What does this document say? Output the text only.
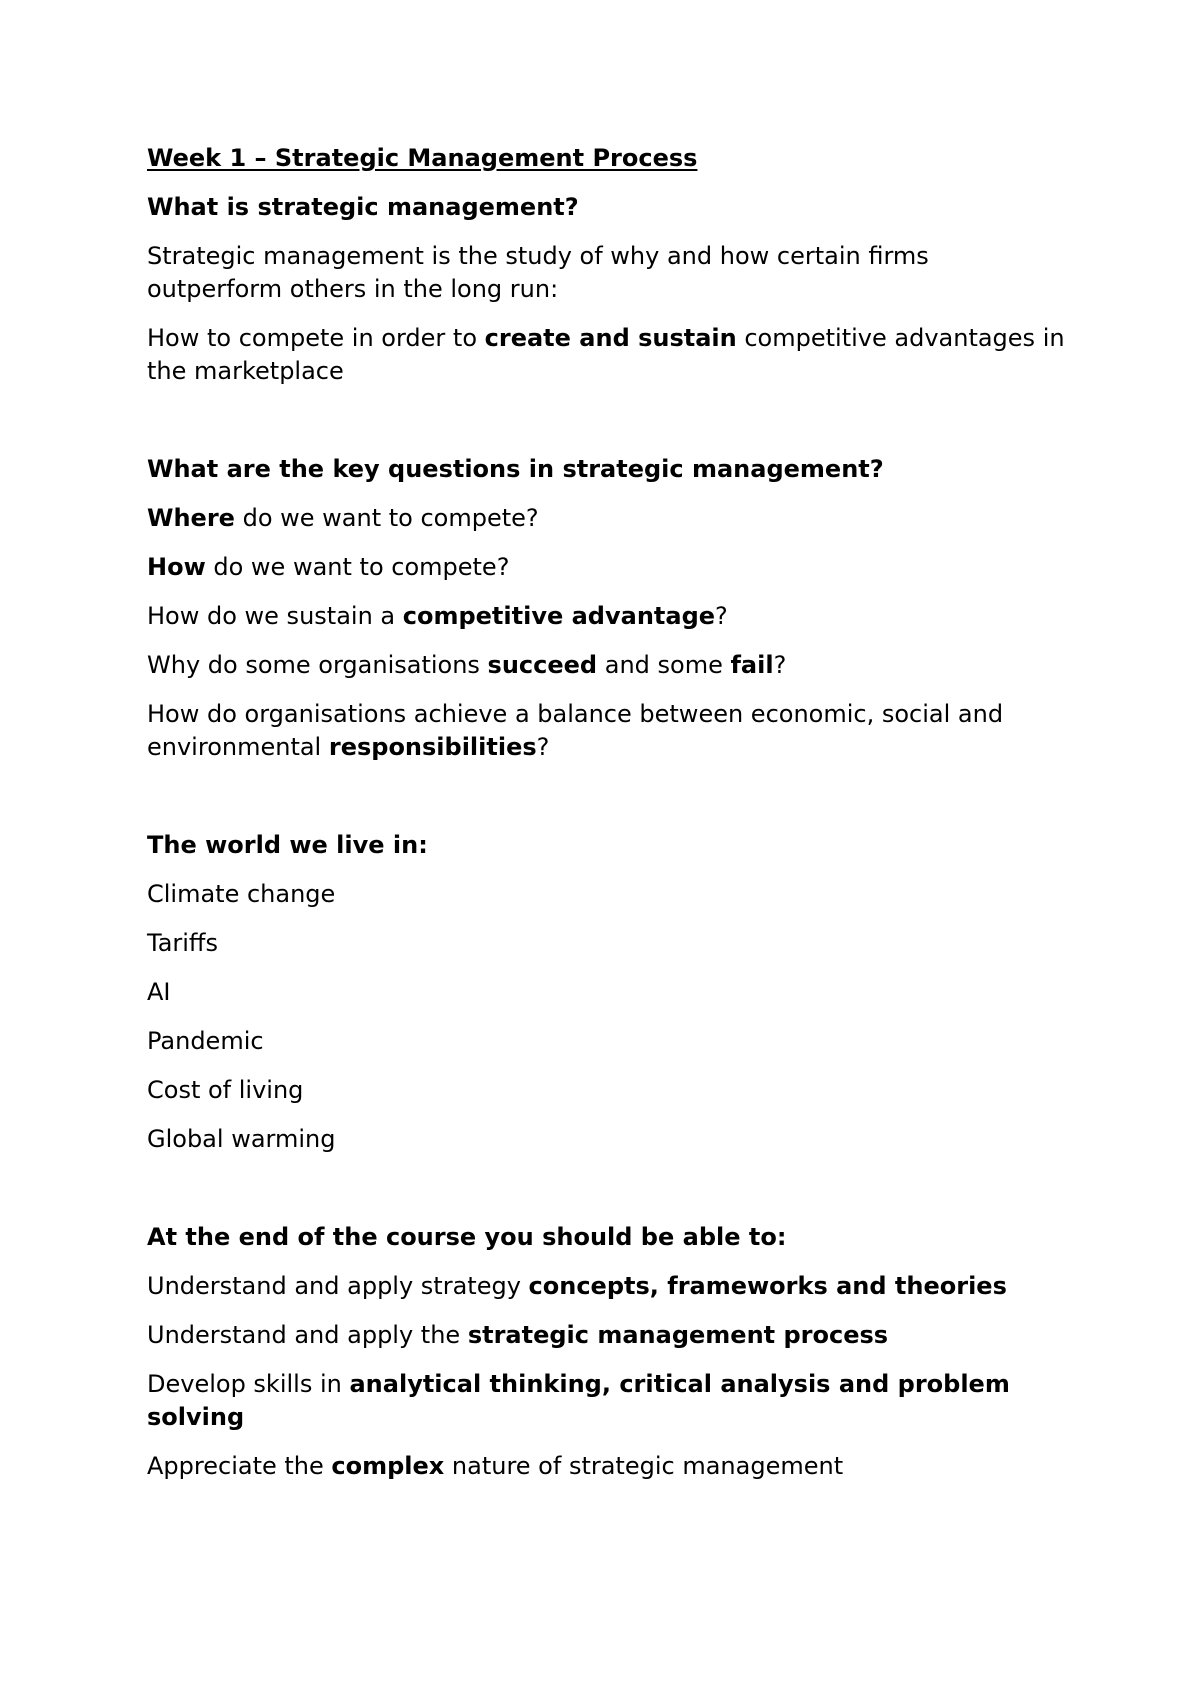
Week 1 – Strategic Management Process

What is strategic management?

Strategic management is the study of why and how certain firms outperform others in the long run:

How to compete in order to create and sustain competitive advantages in the marketplace

What are the key questions in strategic management?

Where do we want to compete?

How do we want to compete?

How do we sustain a competitive advantage?

Why do some organisations succeed and some fail?

How do organisations achieve a balance between economic, social and environmental responsibilities?

The world we live in:

Climate change

Tariffs

AI

Pandemic

Cost of living

Global warming

At the end of the course you should be able to:

Understand and apply strategy concepts, frameworks and theories

Understand and apply the strategic management process

Develop skills in analytical thinking, critical analysis and problem solving

Appreciate the complex nature of strategic management
